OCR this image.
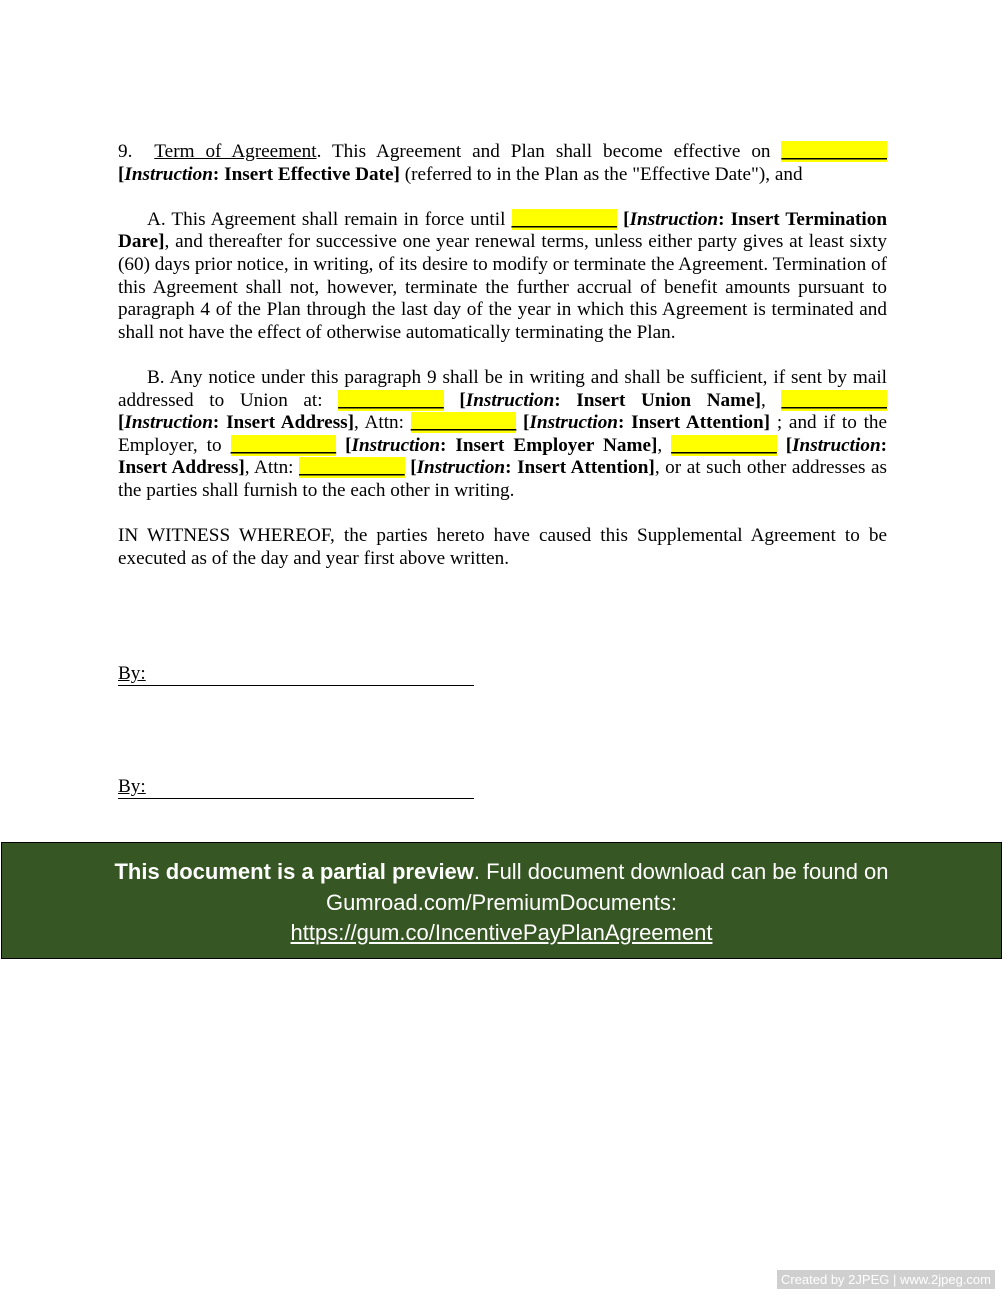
9. Term of Agreement. This Agreement and Plan shall become effective on ___________ [Instruction: Insert Effective Date] (referred to in the Plan as the "Effective Date"), and

A. This Agreement shall remain in force until ___________ [Instruction: Insert Termination Dare], and thereafter for successive one year renewal terms, unless either party gives at least sixty (60) days prior notice, in writing, of its desire to modify or terminate the Agreement. Termination of this Agreement shall not, however, terminate the further accrual of benefit amounts pursuant to paragraph 4 of the Plan through the last day of the year in which this Agreement is terminated and shall not have the effect of otherwise automatically terminating the Plan.

B. Any notice under this paragraph 9 shall be in writing and shall be sufficient, if sent by mail addressed to Union at: ___________ [Instruction: Insert Union Name], ___________ [Instruction: Insert Address], Attn: ___________ [Instruction: Insert Attention] ; and if to the Employer, to ___________ [Instruction: Insert Employer Name], ___________ [Instruction: Insert Address], Attn: ___________ [Instruction: Insert Attention], or at such other addresses as the parties shall furnish to the each other in writing.

IN WITNESS WHEREOF, the parties hereto have caused this Supplemental Agreement to be executed as of the day and year first above written.

By:
By:
This document is a partial preview. Full document download can be found on Gumroad.com/PremiumDocuments:
https://gum.co/IncentivePayPlanAgreement
Created by 2JPEG | www.2jpeg.com
